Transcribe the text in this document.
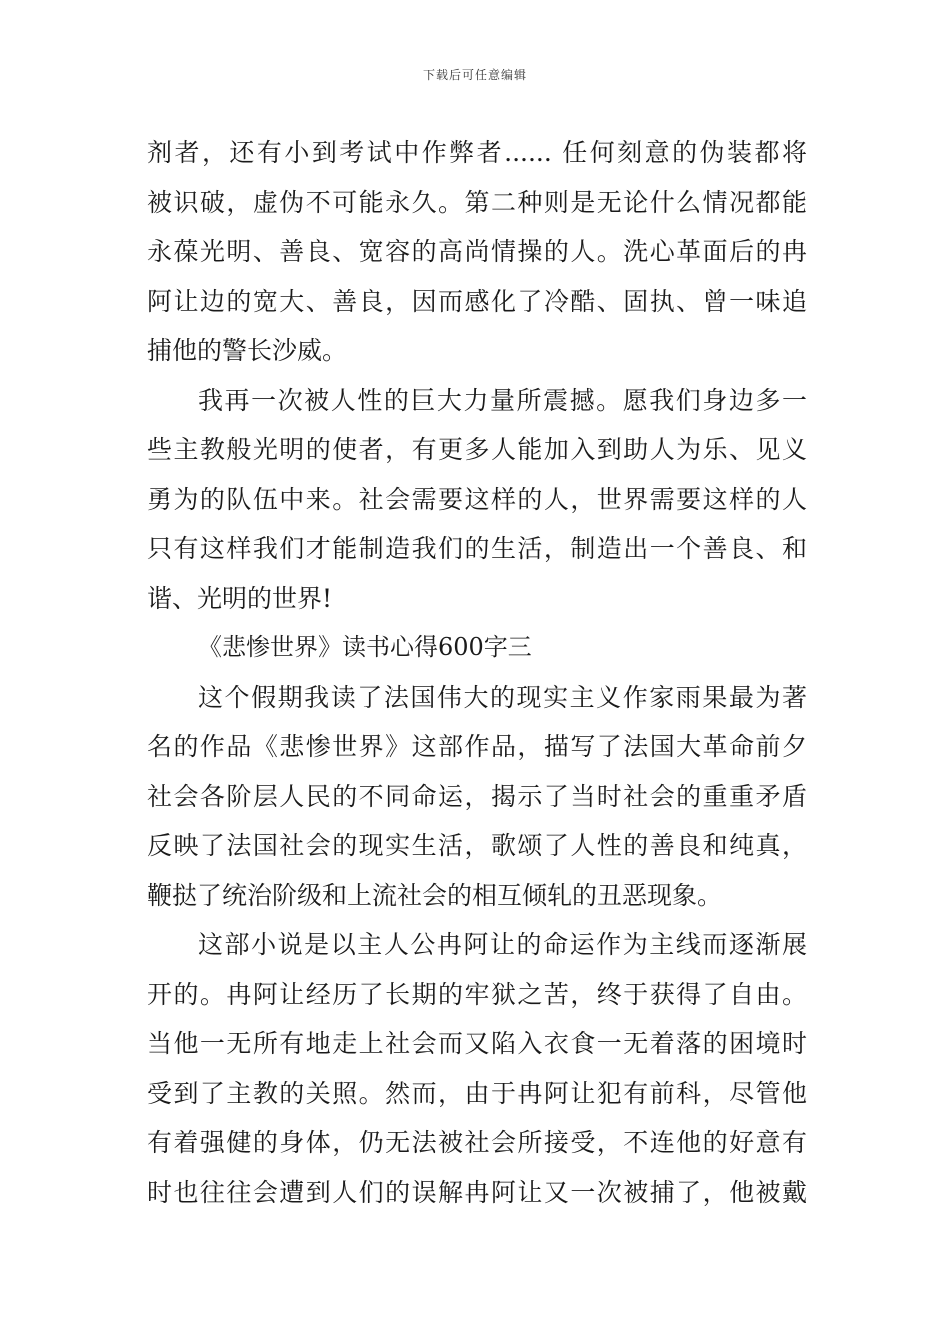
下载后可任意编辑
剂者，还有小到考试中作弊者...... 任何刻意的伪装都将
被识破，虚伪不可能永久。第二种则是无论什么情况都能
永葆光明、善良、宽容的高尚情操的人。洗心革面后的冉
阿让边的宽大、善良，因而感化了冷酷、固执、曾一味追
捕他的警长沙威。
我再一次被人性的巨大力量所震撼。愿我们身边多一
些主教般光明的使者，有更多人能加入到助人为乐、见义
勇为的队伍中来。社会需要这样的人，世界需要这样的人
只有这样我们才能制造我们的生活，制造出一个善良、和
谐、光明的世界!
《悲惨世界》读书心得600字三
这个假期我读了法国伟大的现实主义作家雨果最为著
名的作品《悲惨世界》这部作品，描写了法国大革命前夕
社会各阶层人民的不同命运，揭示了当时社会的重重矛盾
反映了法国社会的现实生活，歌颂了人性的善良和纯真，
鞭挞了统治阶级和上流社会的相互倾轧的丑恶现象。
这部小说是以主人公冉阿让的命运作为主线而逐渐展
开的。冉阿让经历了长期的牢狱之苦，终于获得了自由。
当他一无所有地走上社会而又陷入衣食一无着落的困境时
受到了主教的关照。然而，由于冉阿让犯有前科，尽管他
有着强健的身体，仍无法被社会所接受，不连他的好意有
时也往往会遭到人们的误解冉阿让又一次被捕了，他被戴
